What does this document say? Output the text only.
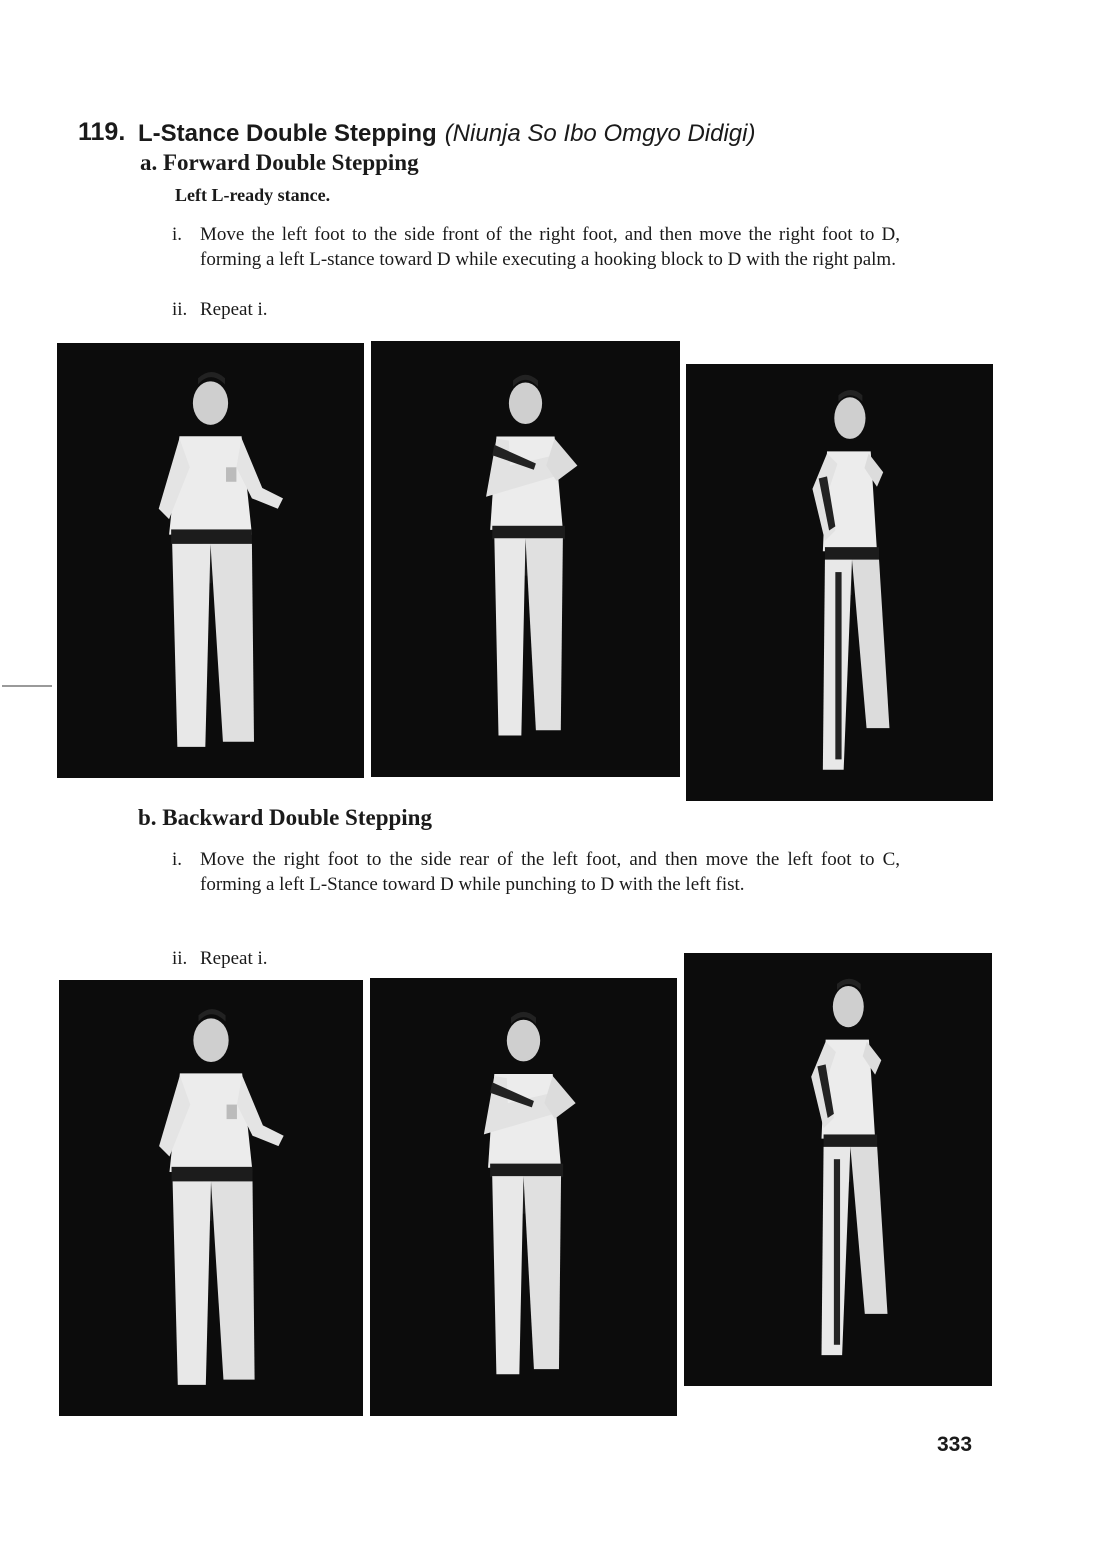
119. L-Stance Double Stepping (Niunja So Ibo Omgyo Didigi)
a. Forward Double Stepping
Left L-ready stance.
i. Move the left foot to the side front of the right foot, and then move the right foot to D, forming a left L-stance toward D while executing a hooking block to D with the right palm.
ii. Repeat i.
b. Backward Double Stepping
i. Move the right foot to the side rear of the left foot, and then move the left foot to C, forming a left L-Stance toward D while punching to D with the left fist.
ii. Repeat i.
333
